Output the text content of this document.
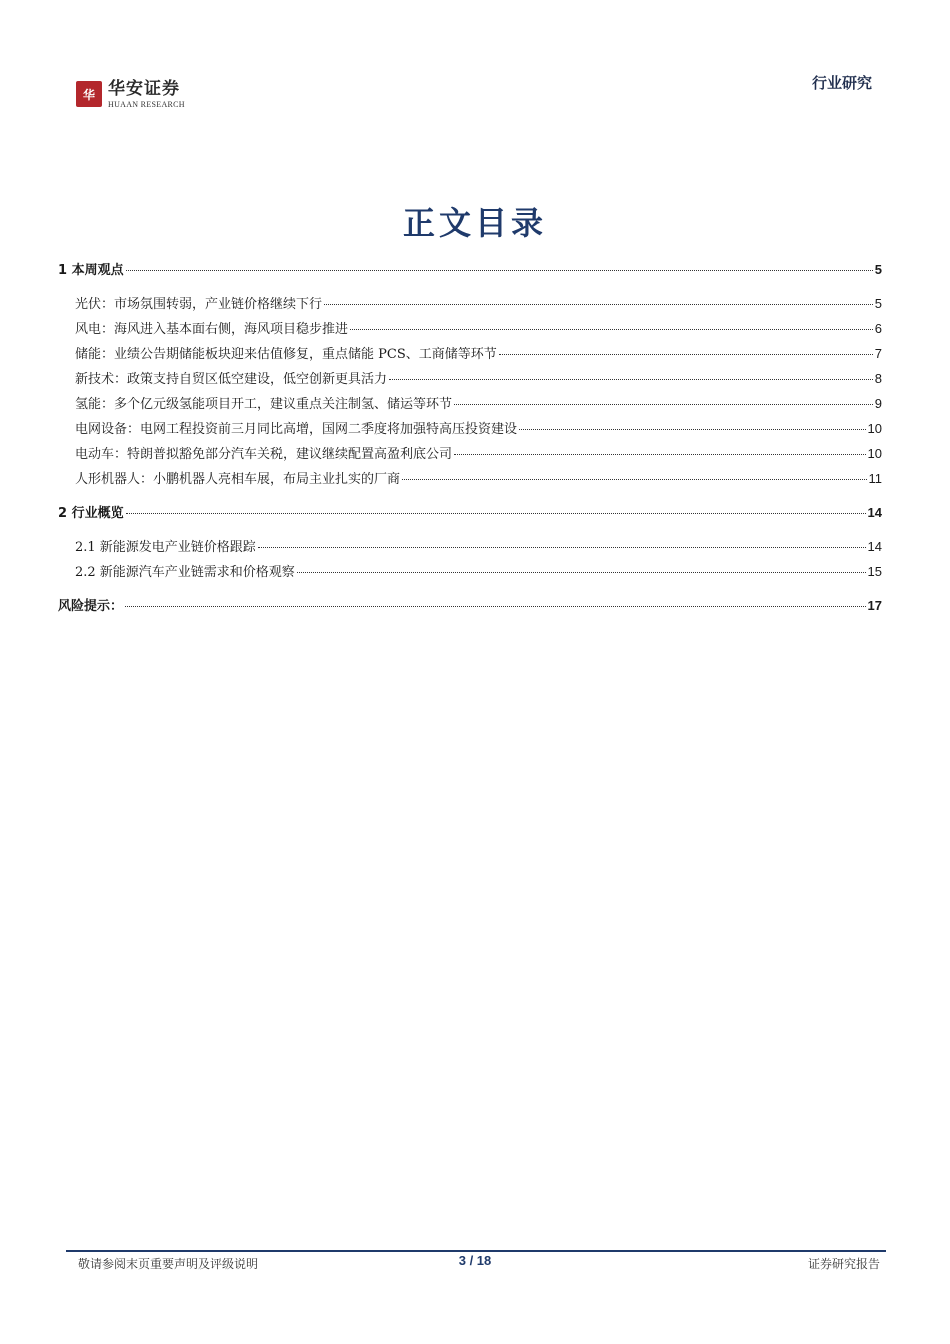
华 华安证券
HUAAN RESEARCH
行业研究
正文目录
1 本周观点	5
光伏：市场氛围转弱，产业链价格继续下行	5
风电：海风进入基本面右侧，海风项目稳步推进	6
储能：业绩公告期储能板块迎来估值修复，重点储能 PCS、工商储等环节	7
新技术：政策支持自贸区低空建设，低空创新更具活力	8
氢能：多个亿元级氢能项目开工，建议重点关注制氢、储运等环节	9
电网设备：电网工程投资前三月同比高增，国网二季度将加强特高压投资建设	10
电动车：特朗普拟豁免部分汽车关税，建议继续配置高盈利底公司	10
人形机器人：小鹏机器人亮相车展，布局主业扎实的厂商	11
2 行业概览	14
2.1 新能源发电产业链价格跟踪	14
2.2 新能源汽车产业链需求和价格观察	15
风险提示：	17
敬请参阅末页重要声明及评级说明	3 / 18	证券研究报告
